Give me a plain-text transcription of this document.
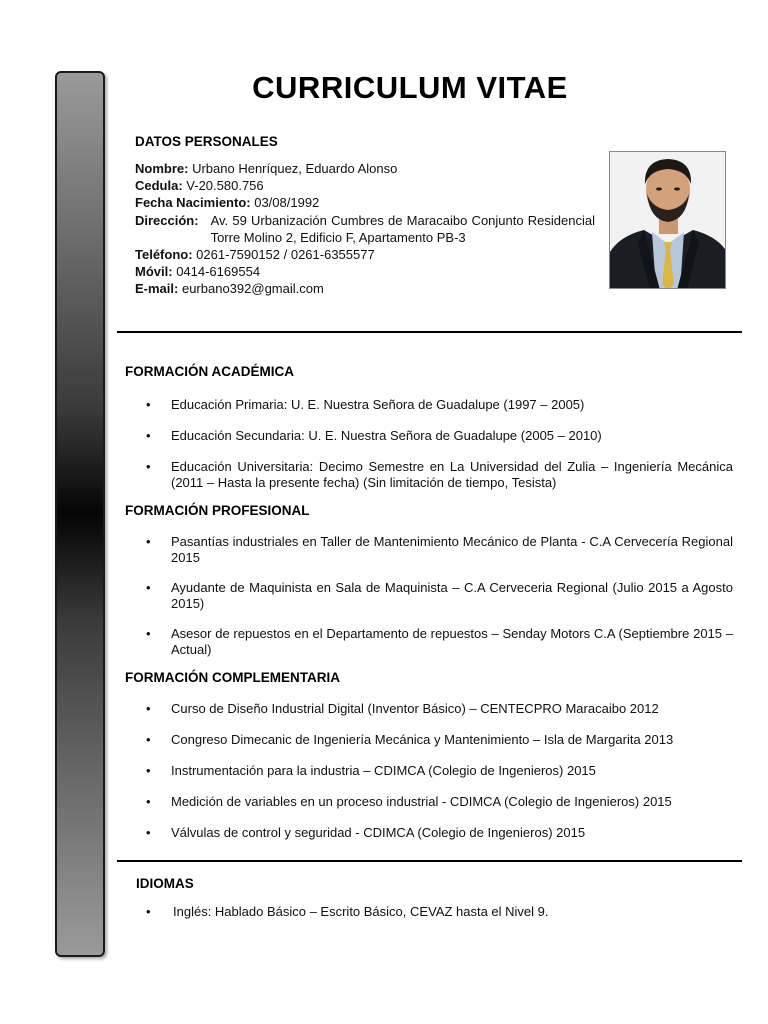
CURRICULUM VITAE
DATOS PERSONALES
Nombre:
Urbano Henríquez, Eduardo Alonso
Cedula:
V-20.580.756
Fecha Nacimiento:
03/08/1992
Dirección: Av. 59 Urbanización Cumbres de Maracaibo Conjunto Residencial Torre Molino 2, Edificio F, Apartamento PB-3
Teléfono:
0261-7590152 / 0261-6355577
Móvil:
0414-6169554
E-mail:
eurbano392@gmail.com
FORMACIÓN ACADÉMICA
• Educación Primaria: U. E. Nuestra Señora de Guadalupe (1997 – 2005)
• Educación Secundaria: U. E. Nuestra Señora de Guadalupe (2005 – 2010)
• Educación Universitaria: Decimo Semestre en La Universidad del Zulia – Ingeniería Mecánica (2011 – Hasta la presente fecha) (Sin limitación de tiempo, Tesista)
FORMACIÓN PROFESIONAL
• Pasantías industriales en Taller de Mantenimiento Mecánico de Planta - C.A Cervecería Regional 2015
• Ayudante de Maquinista en Sala de Maquinista – C.A Cerveceria Regional (Julio 2015 a Agosto 2015)
• Asesor de repuestos en el Departamento de repuestos – Senday Motors C.A (Septiembre 2015 – Actual)
FORMACIÓN COMPLEMENTARIA
• Curso de Diseño Industrial Digital (Inventor Básico) – CENTECPRO Maracaibo 2012
• Congreso Dimecanic de Ingeniería Mecánica y Mantenimiento – Isla de Margarita 2013
• Instrumentación para la industria – CDIMCA (Colegio de Ingenieros) 2015
• Medición de variables en un proceso industrial - CDIMCA (Colegio de Ingenieros) 2015
• Válvulas de control y seguridad - CDIMCA (Colegio de Ingenieros) 2015
IDIOMAS
• Inglés: Hablado Básico – Escrito Básico, CEVAZ hasta el Nivel 9.
